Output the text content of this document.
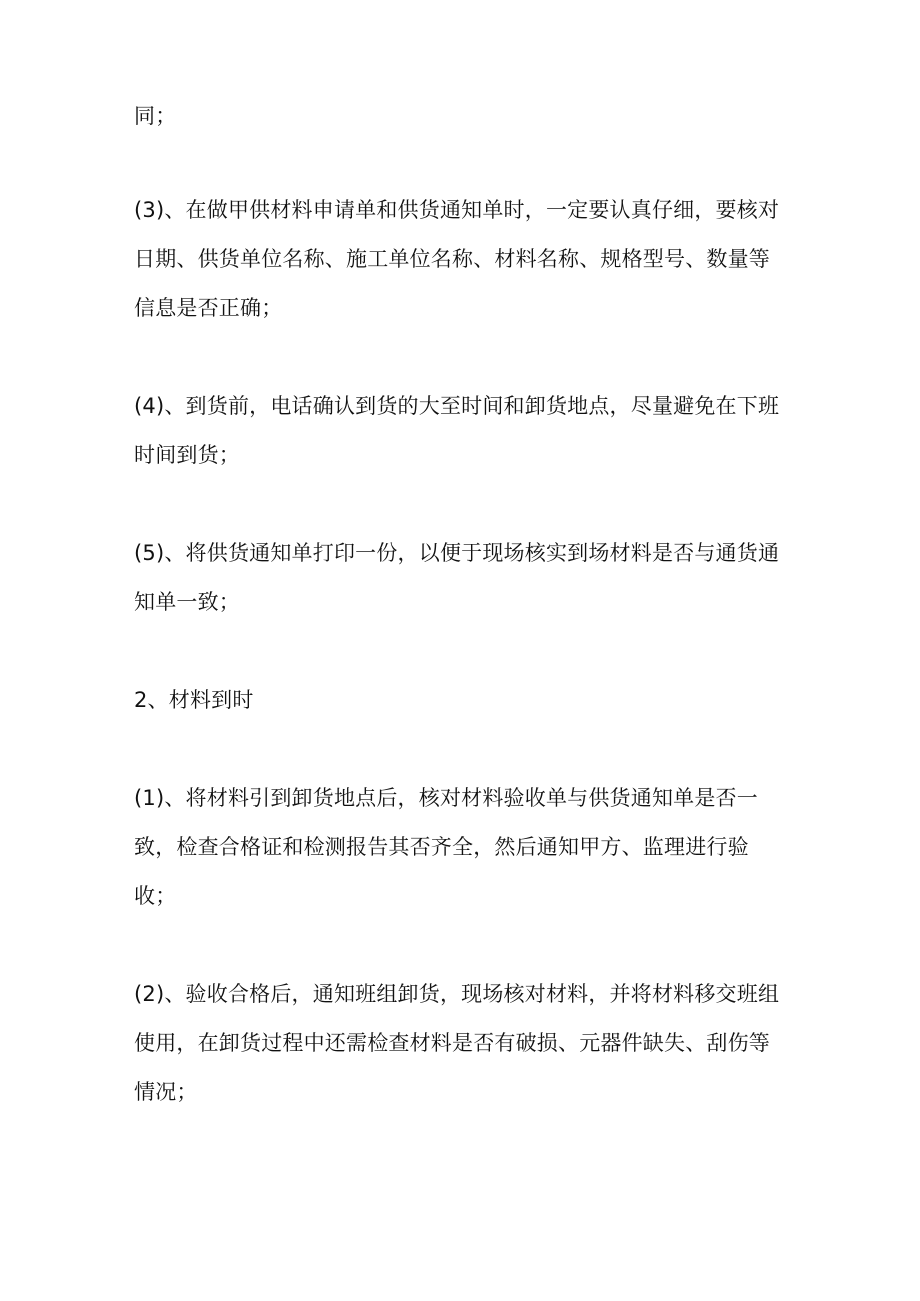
同；
(3)、在做甲供材料申请单和供货通知单时，一定要认真仔细，要核对
日期、供货单位名称、施工单位名称、材料名称、规格型号、数量等
信息是否正确；
(4)、到货前，电话确认到货的大至时间和卸货地点，尽量避免在下班
时间到货；
(5)、将供货通知单打印一份，以便于现场核实到场材料是否与通货通
知单一致；
2、材料到时
(1)、将材料引到卸货地点后，核对材料验收单与供货通知单是否一
致，检查合格证和检测报告其否齐全，然后通知甲方、监理进行验
收；
(2)、验收合格后，通知班组卸货，现场核对材料，并将材料移交班组
使用，在卸货过程中还需检查材料是否有破损、元器件缺失、刮伤等
情况；
